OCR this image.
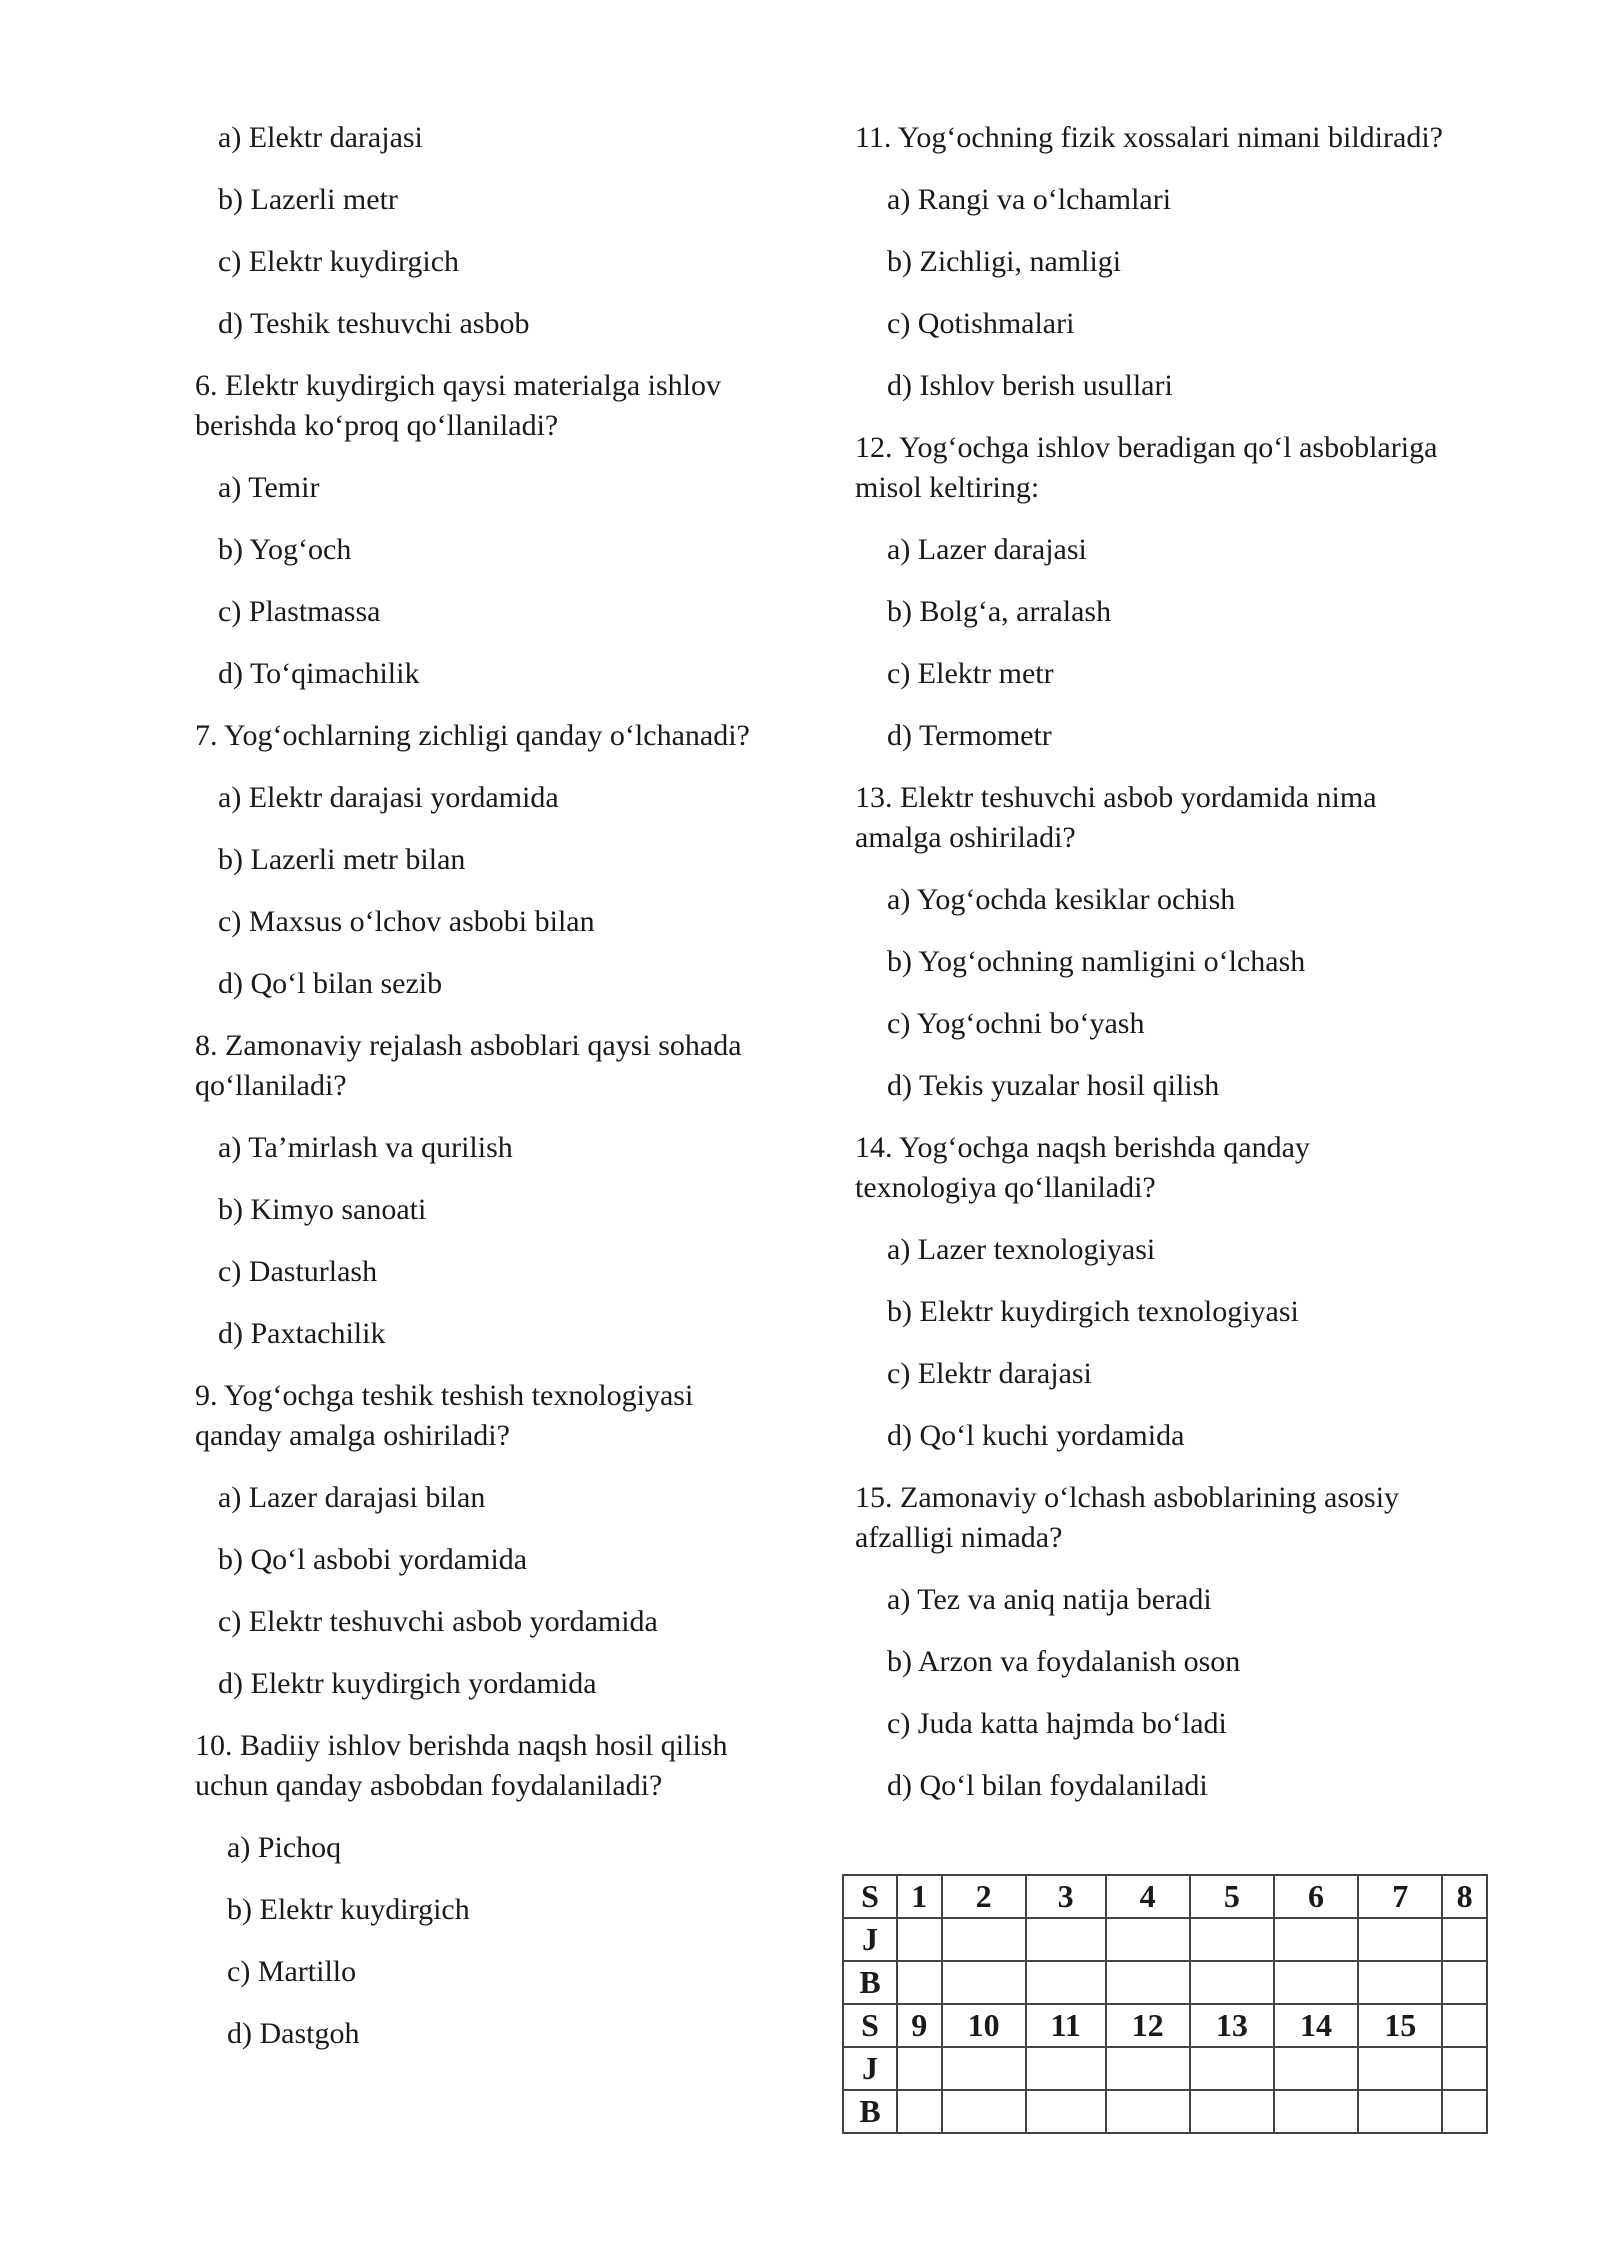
a) Elektr darajasi
b) Lazerli metr
c) Elektr kuydirgich
d) Teshik teshuvchi asbob
6. Elektr kuydirgich qaysi materialga ishlov berishda ko‘proq qo‘llaniladi?
a) Temir
b) Yog‘och
c) Plastmassa
d) To‘qimachilik
7. Yog‘ochlarning zichligi qanday o‘lchanadi?
a) Elektr darajasi yordamida
b) Lazerli metr bilan
c) Maxsus o‘lchov asbobi bilan
d) Qo‘l bilan sezib
8. Zamonaviy rejalash asboblari qaysi sohada qo‘llaniladi?
a) Ta’mirlash va qurilish
b) Kimyo sanoati
c) Dasturlash
d) Paxtachilik
9. Yog‘ochga teshik teshish texnologiyasi qanday amalga oshiriladi?
a) Lazer darajasi bilan
b) Qo‘l asbobi yordamida
c) Elektr teshuvchi asbob yordamida
d) Elektr kuydirgich yordamida
10. Badiiy ishlov berishda naqsh hosil qilish uchun qanday asbobdan foydalaniladi?
a) Pichoq
b) Elektr kuydirgich
c) Martillo
d) Dastgoh
11. Yog‘ochning fizik xossalari nimani bildiradi?
a) Rangi va o‘lchamlari
b) Zichligi, namligi
c) Qotishmalari
d) Ishlov berish usullari
12. Yog‘ochga ishlov beradigan qo‘l asboblariga misol keltiring:
a) Lazer darajasi
b) Bolg‘a, arralash
c) Elektr metr
d) Termometr
13. Elektr teshuvchi asbob yordamida nima amalga oshiriladi?
a) Yog‘ochda kesiklar ochish
b) Yog‘ochning namligini o‘lchash
c) Yog‘ochni bo‘yash
d) Tekis yuzalar hosil qilish
14. Yog‘ochga naqsh berishda qanday texnologiya qo‘llaniladi?
a) Lazer texnologiyasi
b) Elektr kuydirgich texnologiyasi
c) Elektr darajasi
d) Qo‘l kuchi yordamida
15. Zamonaviy o‘lchash asboblarining asosiy afzalligi nimada?
a) Tez va aniq natija beradi
b) Arzon va foydalanish oson
c) Juda katta hajmda bo‘ladi
d) Qo‘l bilan foydalaniladi
S	1	2	3	4	5	6	7	8
J								
B								
S	9	10	11	12	13	14	15	
J								
B								
